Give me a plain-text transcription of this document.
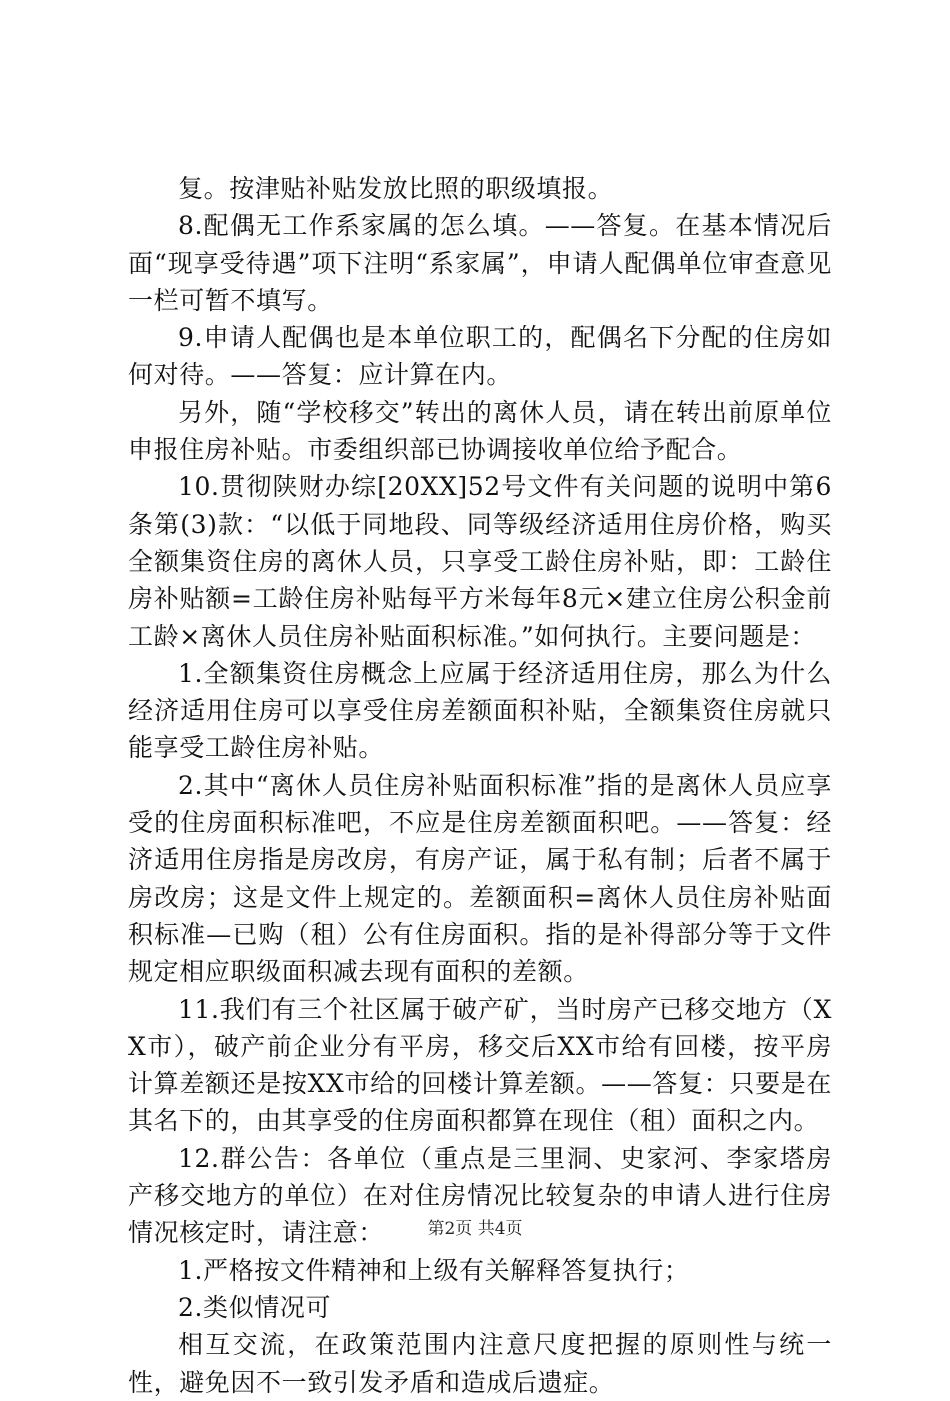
复。按津贴补贴发放比照的职级填报。

8.配偶无工作系家属的怎么填。——答复。在基本情况后面“现享受待遇”项下注明“系家属”，申请人配偶单位审查意见一栏可暂不填写。

9.申请人配偶也是本单位职工的，配偶名下分配的住房如何对待。——答复：应计算在内。

另外，随“学校移交”转出的离休人员，请在转出前原单位申报住房补贴。市委组织部已协调接收单位给予配合。

10.贯彻陕财办综[20XX]52号文件有关问题的说明中第6条第(3)款：“以低于同地段、同等级经济适用住房价格，购买全额集资住房的离休人员，只享受工龄住房补贴，即：工龄住房补贴额=工龄住房补贴每平方米每年8元×建立住房公积金前工龄×离休人员住房补贴面积标准。”如何执行。主要问题是：

1.全额集资住房概念上应属于经济适用住房，那么为什么经济适用住房可以享受住房差额面积补贴，全额集资住房就只能享受工龄住房补贴。

2.其中“离休人员住房补贴面积标准”指的是离休人员应享受的住房面积标准吧，不应是住房差额面积吧。——答复：经济适用住房指是房改房，有房产证，属于私有制；后者不属于房改房；这是文件上规定的。差额面积=离休人员住房补贴面积标准—已购（租）公有住房面积。指的是补得部分等于文件规定相应职级面积减去现有面积的差额。

11.我们有三个社区属于破产矿，当时房产已移交地方（XX市），破产前企业分有平房，移交后XX市给有回楼，按平房计算差额还是按XX市给的回楼计算差额。——答复：只要是在其名下的，由其享受的住房面积都算在现住（租）面积之内。

12.群公告：各单位（重点是三里洞、史家河、李家塔房产移交地方的单位）在对住房情况比较复杂的申请人进行住房情况核定时，请注意：

1.严格按文件精神和上级有关解释答复执行；

2.类似情况可

相互交流，在政策范围内注意尺度把握的原则性与统一性，避免因不一致引发矛盾和造成后遗症。

第2页 共4页
